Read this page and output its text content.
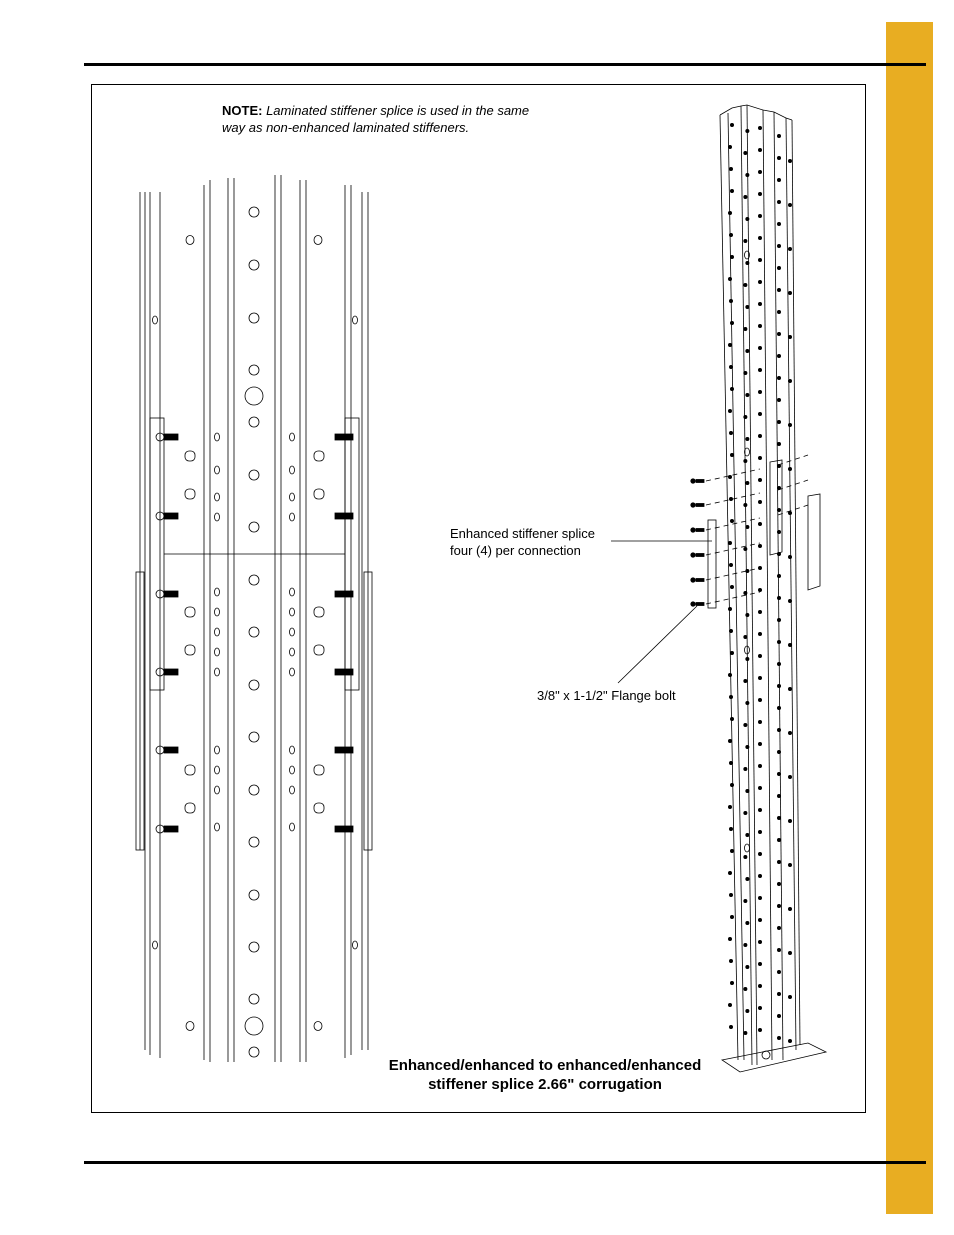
NOTE: Laminated stiffener splice is used in the same way as non-enhanced laminated stiffeners.
Enhanced stiffener splice
four (4) per connection
3/8" x 1-1/2" Flange bolt
Enhanced/enhanced to enhanced/enhanced
stiffener splice 2.66" corrugation
